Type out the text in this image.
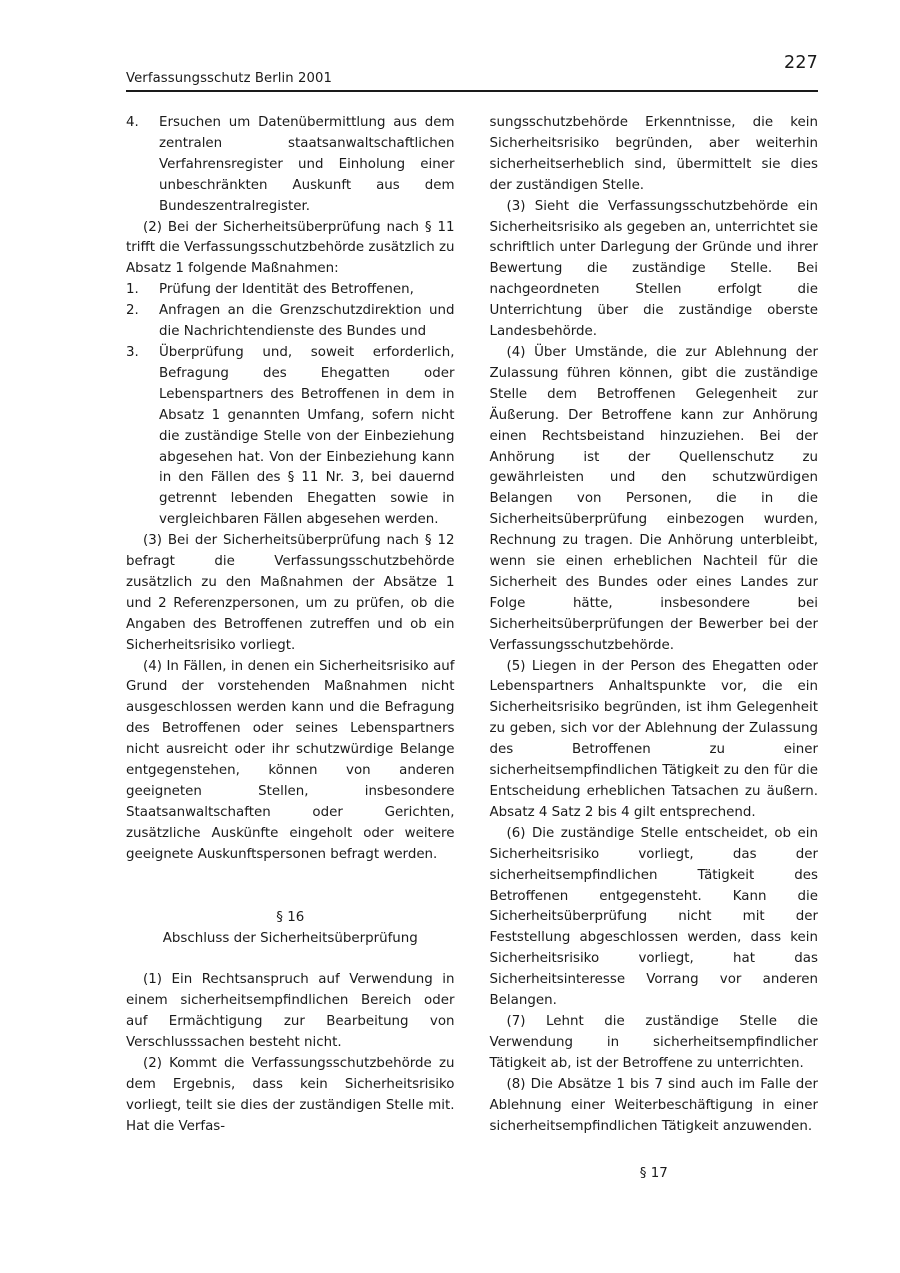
227
Verfassungsschutz Berlin 2001
4.	Ersuchen um Datenübermittlung aus dem zentralen staatsanwaltschaftlichen Verfahrensregister und Einholung einer unbeschränkten Auskunft aus dem Bundeszentralregister.

(2) Bei der Sicherheitsüberprüfung nach § 11 trifft die Verfassungsschutzbehörde zusätzlich zu Absatz 1 folgende Maßnahmen:

1.	Prüfung der Identität des Betroffenen,
2.	Anfragen an die Grenzschutzdirektion und die Nachrichtendienste des Bundes und
3.	Überprüfung und, soweit erforderlich, Befragung des Ehegatten oder Lebenspartners des Betroffenen in dem in Absatz 1 genannten Umfang, sofern nicht die zuständige Stelle von der Einbeziehung abgesehen hat. Von der Einbeziehung kann in den Fällen des § 11 Nr. 3, bei dauernd getrennt lebenden Ehegatten sowie in vergleichbaren Fällen abgesehen werden.

(3) Bei der Sicherheitsüberprüfung nach § 12 befragt die Verfassungsschutzbehörde zusätzlich zu den Maßnahmen der Absätze 1 und 2 Referenzpersonen, um zu prüfen, ob die Angaben des Betroffenen zutreffen und ob ein Sicherheitsrisiko vorliegt.

(4) In Fällen, in denen ein Sicherheitsrisiko auf Grund der vorstehenden Maßnahmen nicht ausgeschlossen werden kann und die Befragung des Betroffenen oder seines Lebenspartners nicht ausreicht oder ihr schutzwürdige Belange entgegenstehen, können von anderen geeigneten Stellen, insbesondere Staatsanwaltschaften oder Gerichten, zusätzliche Auskünfte eingeholt oder weitere geeignete Auskunftspersonen befragt werden.

§ 16
Abschluss der Sicherheitsüberprüfung

(1) Ein Rechtsanspruch auf Verwendung in einem sicherheitsempfindlichen Bereich oder auf Ermächtigung zur Bearbeitung von Verschlusssachen besteht nicht.

(2) Kommt die Verfassungsschutzbehörde zu dem Ergebnis, dass kein Sicherheitsrisiko vorliegt, teilt sie dies der zuständigen Stelle mit. Hat die Verfas-

sungsschutzbehörde Erkenntnisse, die kein Sicherheitsrisiko begründen, aber weiterhin sicherheitserheblich sind, übermittelt sie dies der zuständigen Stelle.

(3) Sieht die Verfassungsschutzbehörde ein Sicherheitsrisiko als gegeben an, unterrichtet sie schriftlich unter Darlegung der Gründe und ihrer Bewertung die zuständige Stelle. Bei nachgeordneten Stellen erfolgt die Unterrichtung über die zuständige oberste Landesbehörde.

(4) Über Umstände, die zur Ablehnung der Zulassung führen können, gibt die zuständige Stelle dem Betroffenen Gelegenheit zur Äußerung. Der Betroffene kann zur Anhörung einen Rechtsbeistand hinzuziehen. Bei der Anhörung ist der Quellenschutz zu gewährleisten und den schutzwürdigen Belangen von Personen, die in die Sicherheitsüberprüfung einbezogen wurden, Rechnung zu tragen. Die Anhörung unterbleibt, wenn sie einen erheblichen Nachteil für die Sicherheit des Bundes oder eines Landes zur Folge hätte, insbesondere bei Sicherheitsüberprüfungen der Bewerber bei der Verfassungsschutzbehörde.

(5) Liegen in der Person des Ehegatten oder Lebenspartners Anhaltspunkte vor, die ein Sicherheitsrisiko begründen, ist ihm Gelegenheit zu geben, sich vor der Ablehnung der Zulassung des Betroffenen zu einer sicherheitsempfindlichen Tätigkeit zu den für die Entscheidung erheblichen Tatsachen zu äußern. Absatz 4 Satz 2 bis 4 gilt entsprechend.

(6) Die zuständige Stelle entscheidet, ob ein Sicherheitsrisiko vorliegt, das der sicherheitsempfindlichen Tätigkeit des Betroffenen entgegensteht. Kann die Sicherheitsüberprüfung nicht mit der Feststellung abgeschlossen werden, dass kein Sicherheitsrisiko vorliegt, hat das Sicherheitsinteresse Vorrang vor anderen Belangen.

(7) Lehnt die zuständige Stelle die Verwendung in sicherheitsempfindlicher Tätigkeit ab, ist der Betroffene zu unterrichten.

(8) Die Absätze 1 bis 7 sind auch im Falle der Ablehnung einer Weiterbeschäftigung in einer sicherheitsempfindlichen Tätigkeit anzuwenden.

§ 17
